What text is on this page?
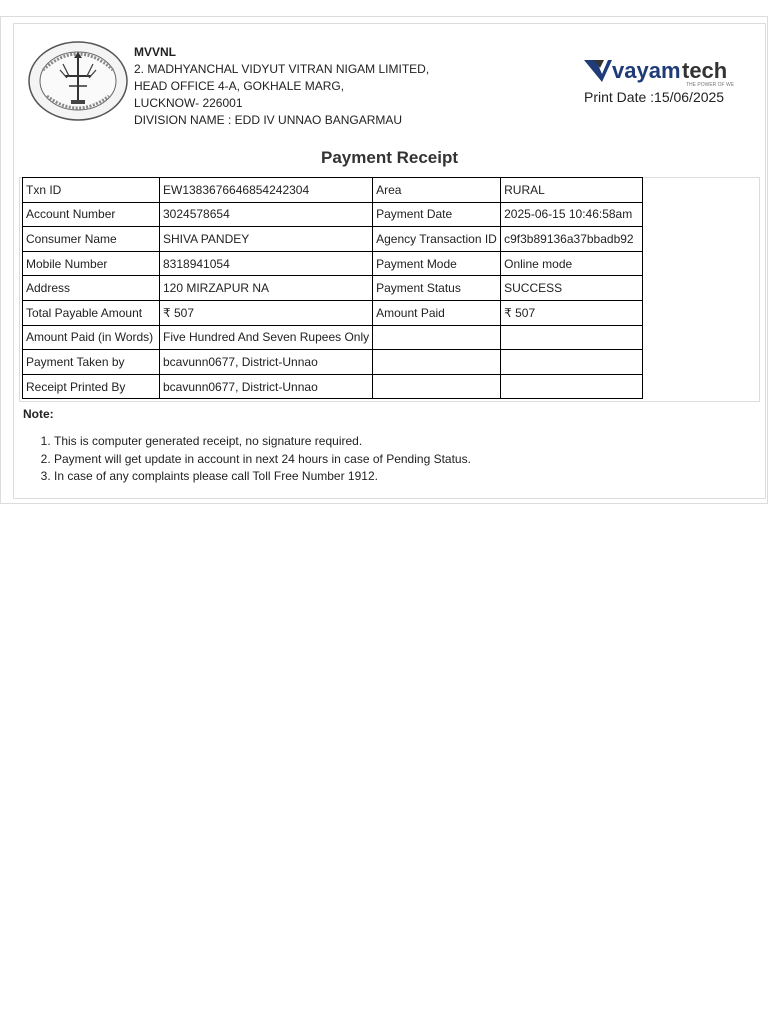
MVVNL
2. MADHYANCHAL VIDYUT VITRAN NIGAM LIMITED,
HEAD OFFICE 4-A, GOKHALE MARG,
LUCKNOW- 226001
DIVISION NAME : EDD IV UNNAO BANGARMAU
vayam tech
THE POWER OF WE
Print Date :15/06/2025
Payment Receipt
Txn ID	EW1383676646854242304	Area	RURAL
Account Number	3024578654	Payment Date	2025-06-15 10:46:58am
Consumer Name	SHIVA PANDEY	Agency Transaction ID	c9f3b89136a37bbadb92
Mobile Number	8318941054	Payment Mode	Online mode
Address	120 MIRZAPUR NA	Payment Status	SUCCESS
Total Payable Amount	₹ 507	Amount Paid	₹ 507
Amount Paid (in Words)	Five Hundred And Seven Rupees Only		
Payment Taken by	bcavunn0677, District-Unnao		
Receipt Printed By	bcavunn0677, District-Unnao		
Note:
1. This is computer generated receipt, no signature required.
2. Payment will get update in account in next 24 hours in case of Pending Status.
3. In case of any complaints please call Toll Free Number 1912.
